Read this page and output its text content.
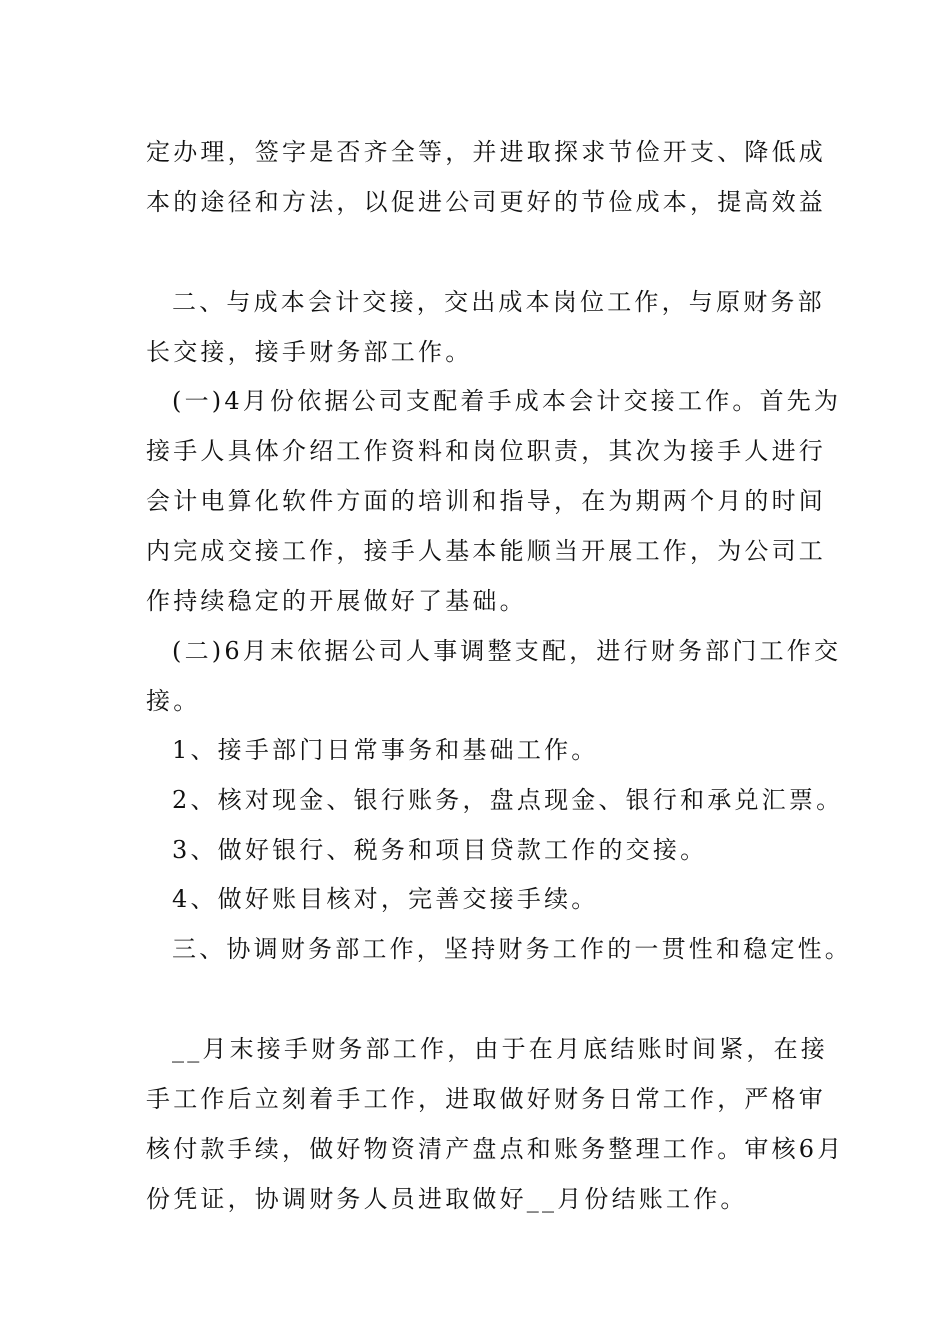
定办理，签字是否齐全等，并进取探求节俭开支、降低成
本的途径和方法，以促进公司更好的节俭成本，提高效益
二、与成本会计交接，交出成本岗位工作，与原财务部
长交接，接手财务部工作。
(一)4月份依据公司支配着手成本会计交接工作。首先为
接手人具体介绍工作资料和岗位职责，其次为接手人进行
会计电算化软件方面的培训和指导，在为期两个月的时间
内完成交接工作，接手人基本能顺当开展工作，为公司工
作持续稳定的开展做好了基础。
(二)6月末依据公司人事调整支配，进行财务部门工作交
接。
1、接手部门日常事务和基础工作。
2、核对现金、银行账务，盘点现金、银行和承兑汇票。
3、做好银行、税务和项目贷款工作的交接。
4、做好账目核对，完善交接手续。
三、协调财务部工作，坚持财务工作的一贯性和稳定性。
__月末接手财务部工作，由于在月底结账时间紧，在接
手工作后立刻着手工作，进取做好财务日常工作，严格审
核付款手续，做好物资清产盘点和账务整理工作。审核6月
份凭证，协调财务人员进取做好__月份结账工作。
